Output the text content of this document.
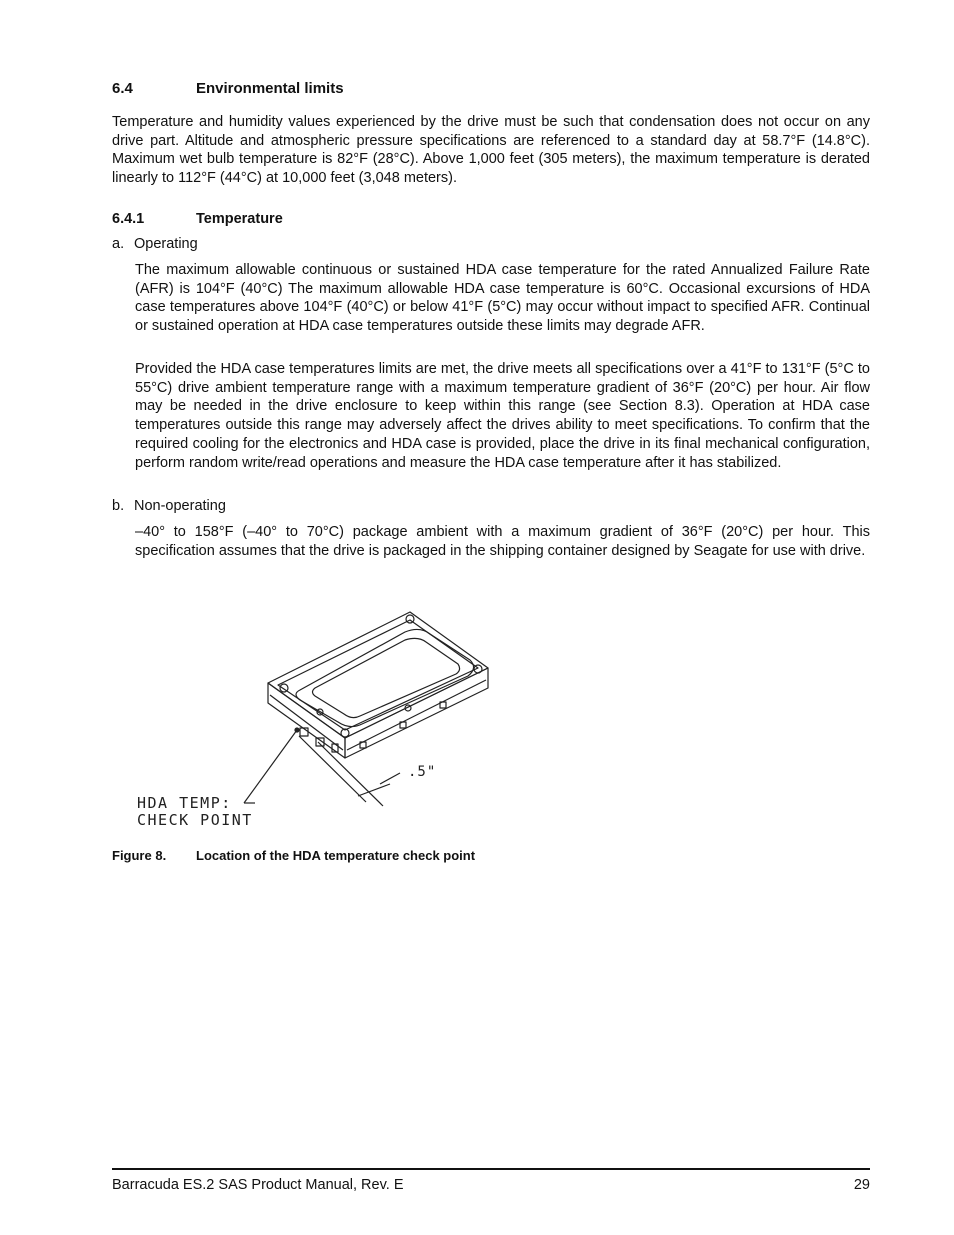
6.4	Environmental limits

Temperature and humidity values experienced by the drive must be such that condensation does not occur on any drive part. Altitude and atmospheric pressure specifications are referenced to a standard day at 58.7°F (14.8°C). Maximum wet bulb temperature is 82°F (28°C). Above 1,000 feet (305 meters), the maximum temperature is derated linearly to 112°F (44°C) at 10,000 feet (3,048 meters).

6.4.1	Temperature
a. Operating

The maximum allowable continuous or sustained HDA case temperature for the rated Annualized Failure Rate (AFR) is 104°F (40°C) The maximum allowable HDA case temperature is 60°C. Occasional excursions of HDA case temperatures above 104°F (40°C) or below 41°F (5°C) may occur without impact to specified AFR. Continual or sustained operation at HDA case temperatures outside these limits may degrade AFR.

Provided the HDA case temperatures limits are met, the drive meets all specifications over a 41°F to 131°F (5°C to 55°C) drive ambient temperature range with a maximum temperature gradient of 36°F (20°C) per hour. Air flow may be needed in the drive enclosure to keep within this range (see Section 8.3). Operation at HDA case temperatures outside this range may adversely affect the drives ability to meet specifications. To confirm that the required cooling for the electronics and HDA case is provided, place the drive in its final mechanical configuration, perform random write/read operations and measure the HDA case temperature after it has stabilized.

b. Non-operating

–40° to 158°F (–40° to 70°C) package ambient with a maximum gradient of 36°F (20°C) per hour. This specification assumes that the drive is packaged in the shipping container designed by Seagate for use with drive.

HDA TEMP:
CHECK POINT
.5"
Figure 8. Location of the HDA temperature check point
Barracuda ES.2 SAS Product Manual, Rev. E	29
